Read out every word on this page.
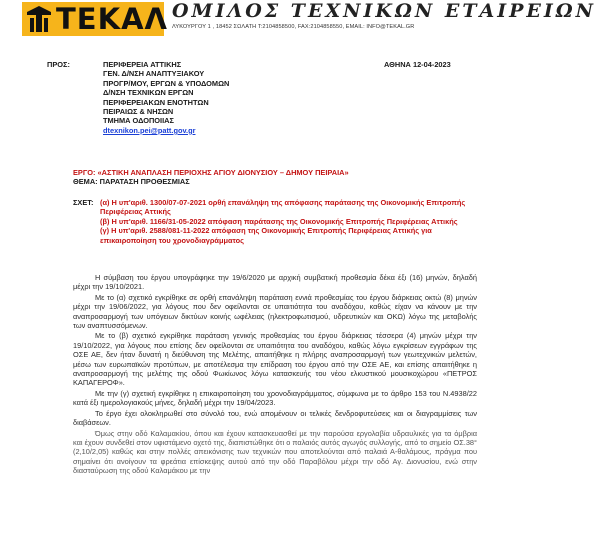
ΤΕΚΑΛ ΟΜΙΛΟΣ ΤΕΧΝΙΚΩΝ ΕΤΑΙΡΕΙΩΝ
ΛΥΚΟΥΡΓΟΥ 1 , 18452 ΣΩΛΑΤΗ Τ:2104858500, FAX:2104858550, EMAIL: INFO@TEKAL.GR
ΠΡΟΣ:	ΠΕΡΙΦΕΡΕΙΑ ΑΤΤΙΚΗΣ
ΓΕΝ. Δ/ΝΣΗ ΑΝΑΠΤΥΞΙΑΚΟΥ
ΠΡΟΓΡ/ΜΟΥ, ΕΡΓΩΝ & ΥΠΟΔΟΜΩΝ
Δ/ΝΣΗ ΤΕΧΝΙΚΩΝ ΕΡΓΩΝ
ΠΕΡΙΦΕΡΕΙΑΚΩΝ ΕΝΟΤΗΤΩΝ
ΠΕΙΡΑΙΩΣ & ΝΗΣΩΝ
ΤΜΗΜΑ ΟΔΟΠΟΙΙΑΣ
dtexnikon.pei@patt.gov.gr
ΑΘΗΝΑ 12-04-2023
ΕΡΓΟ: «ΑΣΤΙΚΗ ΑΝΑΠΛΑΣΗ ΠΕΡΙΟΧΗΣ ΑΓΙΟΥ ΔΙΟΝΥΣΙΟΥ – ΔΗΜΟΥ ΠΕΙΡΑΙΑ»
ΘΕΜΑ: ΠΑΡΑΤΑΣΗ ΠΡΟΘΕΣΜΙΑΣ
ΣΧΕΤ: (α) Η υπ'αριθ. 1300/07-07-2021 ορθή επανάληψη της απόφασης παράτασης της Οικονομικής Επιτροπής Περιφέρειας Αττικής
(β) Η υπ'αριθ. 1166/31-05-2022 απόφαση παράτασης της Οικονομικής Επιτροπής Περιφέρειας Αττικής
(γ) Η υπ'αριθ. 2588/081-11-2022 απόφαση της Οικονομικής Επιτροπής Περιφέρειας Αττικής για επικαιροποίηση του χρονοδιαγράμματος

Η σύμβαση του έργου υπογράφηκε την 19/6/2020 με αρχική συμβατική προθεσμία δέκα έξι (16) μηνών, δηλαδή μέχρι την 19/10/2021.

Με το (α) σχετικό εγκρίθηκε σε ορθή επανάληψη παράταση εννιά προθεσμίας του έργου διάρκειας οκτώ (8) μηνών μέχρι την 19/06/2022, για λόγους που δεν οφείλονται σε υπαιτιότητα του αναδόχου, καθώς είχαν να κάνουν με την αναπροσαρμογή των υπόγειων δικτύων κοινής ωφέλειας (ηλεκτροφωτισμού, υδρευτικών και ΟΚΩ) λόγω της μεταβολής των αναπτυσσόμενων.

Με το (β) σχετικό εγκρίθηκε παράταση γενικής προθεσμίας του έργου διάρκειας τέσσερα (4) μηνών μέχρι την 19/10/2022, για λόγους που επίσης δεν οφείλονται σε υπαιτιότητα του αναδόχου, καθώς λόγω εγκρίσεων εγγράφων της ΟΣΕ ΑΕ, δεν ήταν δυνατή η διεύθυνση της Μελέτης, απαιτήθηκε η πλήρης αναπροσαρμογή των γεωτεχνικών μελετών, μέσω των ευρωπαϊκών προτύπων, με αποτέλεσμα την επίδραση του έργου από την ΟΣΕ ΑΕ, και επίσης απαιτήθηκε η αναπροσαρμογή της μελέτης της οδού Φωκίωνος λόγω κατασκευής του νέου ελκυστικού μουσικοχώρου «ΠΕΤΡΟΣ ΚΑΠΑΓΕΡΟΦ».

Με την (γ) σχετική εγκρίθηκε η επικαιροποίηση του χρονοδιαγράμματος, σύμφωνα με το άρθρο 153 του Ν.4938/22 κατά έξι ημερολογιακούς μήνες, δηλαδή μέχρι την 19/04/2023.

Το έργο έχει ολοκληρωθεί στο σύνολό του, ενώ απομένουν οι τελικές δενδροφυτεύσεις και οι διαγραμμίσεις των διαβάσεων.

Όμως στην οδό Καλαμακίου, όπου και έχουν κατασκευασθεί με την παρούσα εργολαβία υδραυλικές για τα όμβρια και έχουν συνδεθεί στον υφιστάμενο οχετό της, διαπιστώθηκε ότι ο παλαιός αυτός αγωγός συλλογής, από το σημείο ΟΣ.38°(2,10/2,05) καθώς και στην πολλές απεικόνισης των τεχνικών που αποτελούνται από παλαιά Α-θαλάμους, πράγμα που σημαίνει ότι ανοίγουν τα φρεάτια επίσκεψης αυτού από την οδό Παραβόλου μέχρι την οδό Αγ. Διονυσίου, ενώ στην διασταύρωση της οδού Καλαμάκου με την
